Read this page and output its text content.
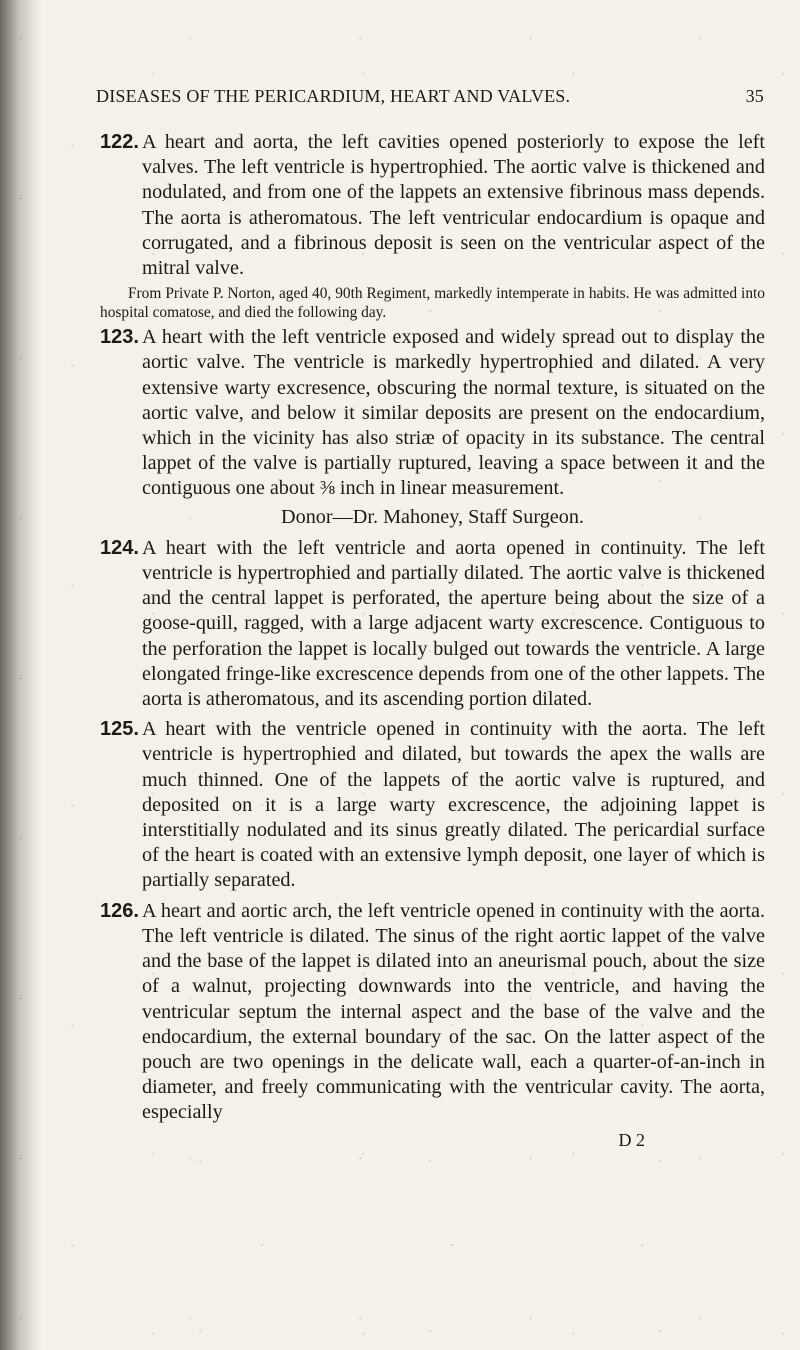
DISEASES OF THE PERICARDIUM, HEART AND VALVES.	35
122. A heart and aorta, the left cavities opened posteriorly to expose the left valves. The left ventricle is hypertrophied. The aortic valve is thickened and nodulated, and from one of the lappets an extensive fibrinous mass depends. The aorta is atheromatous. The left ventricular endocardium is opaque and corrugated, and a fibrinous deposit is seen on the ventricular aspect of the mitral valve.
From Private P. Norton, aged 40, 90th Regiment, markedly intemperate in habits. He was admitted into hospital comatose, and died the following day.
123. A heart with the left ventricle exposed and widely spread out to display the aortic valve. The ventricle is markedly hypertrophied and dilated. A very extensive warty excresence, obscuring the normal texture, is situated on the aortic valve, and below it similar deposits are present on the endocardium, which in the vicinity has also striæ of opacity in its substance. The central lappet of the valve is partially ruptured, leaving a space between it and the contiguous one about ⅜ inch in linear measurement.
Donor—Dr. Mahoney, Staff Surgeon.
124. A heart with the left ventricle and aorta opened in continuity. The left ventricle is hypertrophied and partially dilated. The aortic valve is thickened and the central lappet is perforated, the aperture being about the size of a goose-quill, ragged, with a large adjacent warty excrescence. Contiguous to the perforation the lappet is locally bulged out towards the ventricle. A large elongated fringe-like excrescence depends from one of the other lappets. The aorta is atheromatous, and its ascending portion dilated.
125. A heart with the ventricle opened in continuity with the aorta. The left ventricle is hypertrophied and dilated, but towards the apex the walls are much thinned. One of the lappets of the aortic valve is ruptured, and deposited on it is a large warty excrescence, the adjoining lappet is interstitially nodulated and its sinus greatly dilated. The pericardial surface of the heart is coated with an extensive lymph deposit, one layer of which is partially separated.
126. A heart and aortic arch, the left ventricle opened in continuity with the aorta. The left ventricle is dilated. The sinus of the right aortic lappet of the valve and the base of the lappet is dilated into an aneurismal pouch, about the size of a walnut, projecting downwards into the ventricle, and having the ventricular septum the internal aspect and the base of the valve and the endocardium, the external boundary of the sac. On the latter aspect of the pouch are two openings in the delicate wall, each a quarter-of-an-inch in diameter, and freely communicating with the ventricular cavity. The aorta, especially
D 2
